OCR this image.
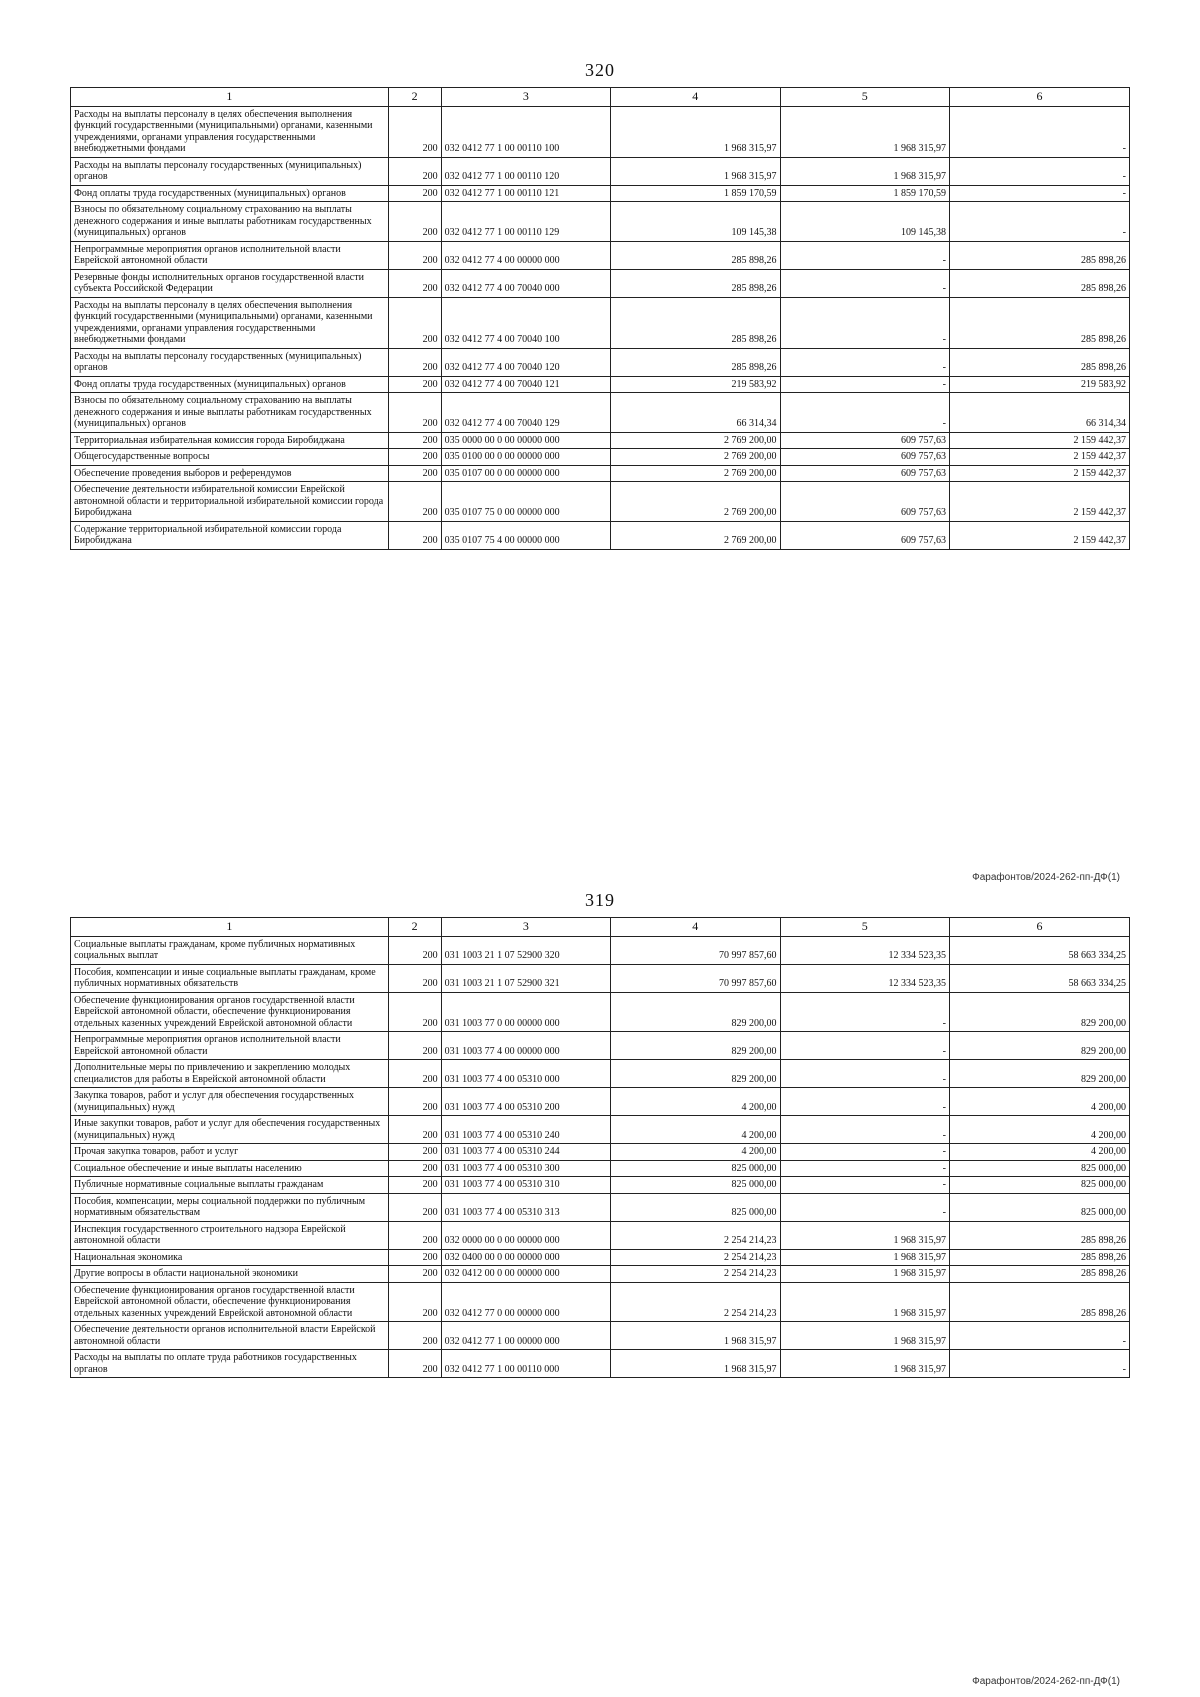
320
1	2	3	4	5	6
Расходы на выплаты персоналу в целях обеспечения выполнения функций государственными (муниципальными) органами, казенными учреждениями, органами управления государственными внебюджетными фондами	200	032 0412 77 1 00 00110 100	1 968 315,97	1 968 315,97	-
Расходы на выплаты персоналу государственных (муниципальных) органов	200	032 0412 77 1 00 00110 120	1 968 315,97	1 968 315,97	-
Фонд оплаты труда государственных (муниципальных) органов	200	032 0412 77 1 00 00110 121	1 859 170,59	1 859 170,59	-
Взносы по обязательному социальному страхованию на выплаты денежного содержания и иные выплаты работникам государственных (муниципальных) органов	200	032 0412 77 1 00 00110 129	109 145,38	109 145,38	-
Непрограммные мероприятия органов исполнительной власти Еврейской автономной области	200	032 0412 77 4 00 00000 000	285 898,26	-	285 898,26
Резервные фонды исполнительных органов государственной власти субъекта Российской Федерации	200	032 0412 77 4 00 70040 000	285 898,26	-	285 898,26
Расходы на выплаты персоналу в целях обеспечения выполнения функций государственными (муниципальными) органами, казенными учреждениями, органами управления государственными внебюджетными фондами	200	032 0412 77 4 00 70040 100	285 898,26	-	285 898,26
Расходы на выплаты персоналу государственных (муниципальных) органов	200	032 0412 77 4 00 70040 120	285 898,26	-	285 898,26
Фонд оплаты труда государственных (муниципальных) органов	200	032 0412 77 4 00 70040 121	219 583,92	-	219 583,92
Взносы по обязательному социальному страхованию на выплаты денежного содержания и иные выплаты работникам государственных (муниципальных) органов	200	032 0412 77 4 00 70040 129	66 314,34	-	66 314,34
Территориальная избирательная комиссия города Биробиджана	200	035 0000 00 0 00 00000 000	2 769 200,00	609 757,63	2 159 442,37
Общегосударственные вопросы	200	035 0100 00 0 00 00000 000	2 769 200,00	609 757,63	2 159 442,37
Обеспечение проведения выборов и референдумов	200	035 0107 00 0 00 00000 000	2 769 200,00	609 757,63	2 159 442,37
Обеспечение деятельности избирательной комиссии Еврейской автономной области и территориальной избирательной комиссии города Биробиджана	200	035 0107 75 0 00 00000 000	2 769 200,00	609 757,63	2 159 442,37
Содержание территориальной избирательной комиссии города Биробиджана	200	035 0107 75 4 00 00000 000	2 769 200,00	609 757,63	2 159 442,37
Фарафонтов/2024-262-пп-ДФ(1)
319
1	2	3	4	5	6
Социальные выплаты гражданам, кроме публичных нормативных социальных выплат	200	031 1003 21 1 07 52900 320	70 997 857,60	12 334 523,35	58 663 334,25
Пособия, компенсации и иные социальные выплаты гражданам, кроме публичных нормативных обязательств	200	031 1003 21 1 07 52900 321	70 997 857,60	12 334 523,35	58 663 334,25
Обеспечение функционирования органов государственной власти Еврейской автономной области, обеспечение функционирования отдельных казенных учреждений Еврейской автономной области	200	031 1003 77 0 00 00000 000	829 200,00	-	829 200,00
Непрограммные мероприятия органов исполнительной власти Еврейской автономной области	200	031 1003 77 4 00 00000 000	829 200,00	-	829 200,00
Дополнительные меры по привлечению и закреплению молодых специалистов для работы в Еврейской автономной области	200	031 1003 77 4 00 05310 000	829 200,00	-	829 200,00
Закупка товаров, работ и услуг для обеспечения государственных (муниципальных) нужд	200	031 1003 77 4 00 05310 200	4 200,00	-	4 200,00
Иные закупки товаров, работ и услуг для обеспечения государственных (муниципальных) нужд	200	031 1003 77 4 00 05310 240	4 200,00	-	4 200,00
Прочая закупка товаров, работ и услуг	200	031 1003 77 4 00 05310 244	4 200,00	-	4 200,00
Социальное обеспечение и иные выплаты населению	200	031 1003 77 4 00 05310 300	825 000,00	-	825 000,00
Публичные нормативные социальные выплаты гражданам	200	031 1003 77 4 00 05310 310	825 000,00	-	825 000,00
Пособия, компенсации, меры социальной поддержки по публичным нормативным обязательствам	200	031 1003 77 4 00 05310 313	825 000,00	-	825 000,00
Инспекция государственного строительного надзора Еврейской автономной области	200	032 0000 00 0 00 00000 000	2 254 214,23	1 968 315,97	285 898,26
Национальная экономика	200	032 0400 00 0 00 00000 000	2 254 214,23	1 968 315,97	285 898,26
Другие вопросы в области национальной экономики	200	032 0412 00 0 00 00000 000	2 254 214,23	1 968 315,97	285 898,26
Обеспечение функционирования органов государственной власти Еврейской автономной области, обеспечение функционирования отдельных казенных учреждений Еврейской автономной области	200	032 0412 77 0 00 00000 000	2 254 214,23	1 968 315,97	285 898,26
Обеспечение деятельности органов исполнительной власти Еврейской автономной области	200	032 0412 77 1 00 00000 000	1 968 315,97	1 968 315,97	-
Расходы на выплаты по оплате труда работников государственных органов	200	032 0412 77 1 00 00110 000	1 968 315,97	1 968 315,97	-
Фарафонтов/2024-262-пп-ДФ(1)
